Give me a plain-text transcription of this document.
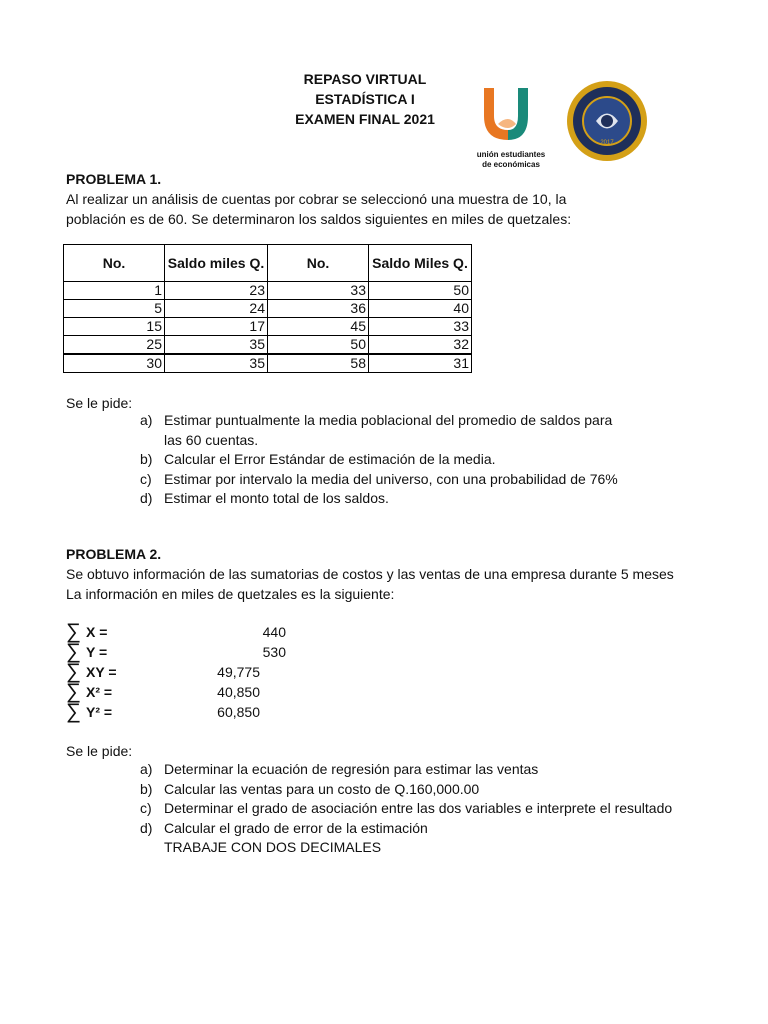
REPASO VIRTUAL
ESTADÍSTICA I
EXAMEN FINAL 2021
unión estudiantes
de económicas
2017
PROBLEMA 1.
Al realizar un análisis de cuentas por cobrar se seleccionó una muestra de 10, la
población es de 60. Se determinaron los saldos siguientes en miles de quetzales:
No.	Saldo miles Q.	No.	Saldo Miles Q.
1	23	33	50
5	24	36	40
15	17	45	33
25	35	50	32
30	35	58	31
Se le pide:
a) Estimar puntualmente la media poblacional del promedio de saldos para
las 60 cuentas.
b) Calcular el Error Estándar de estimación de la media.
c) Estimar por intervalo la media del universo, con una probabilidad de 76%
d) Estimar el monto total de los saldos.
PROBLEMA 2.
Se obtuvo información de las sumatorias de costos y las ventas de una empresa durante 5 meses
La información en miles de quetzales es la siguiente:
∑ X =	440
∑ Y =	530
∑ XY =	49,775
∑ X² =	40,850
∑ Y² =	60,850
Se le pide:
a) Determinar la ecuación de regresión para estimar las ventas
b) Calcular las ventas para un costo de Q.160,000.00
c) Determinar el grado de asociación entre las dos variables e interprete el resultado
d) Calcular el grado de error de la estimación
TRABAJE CON DOS DECIMALES
